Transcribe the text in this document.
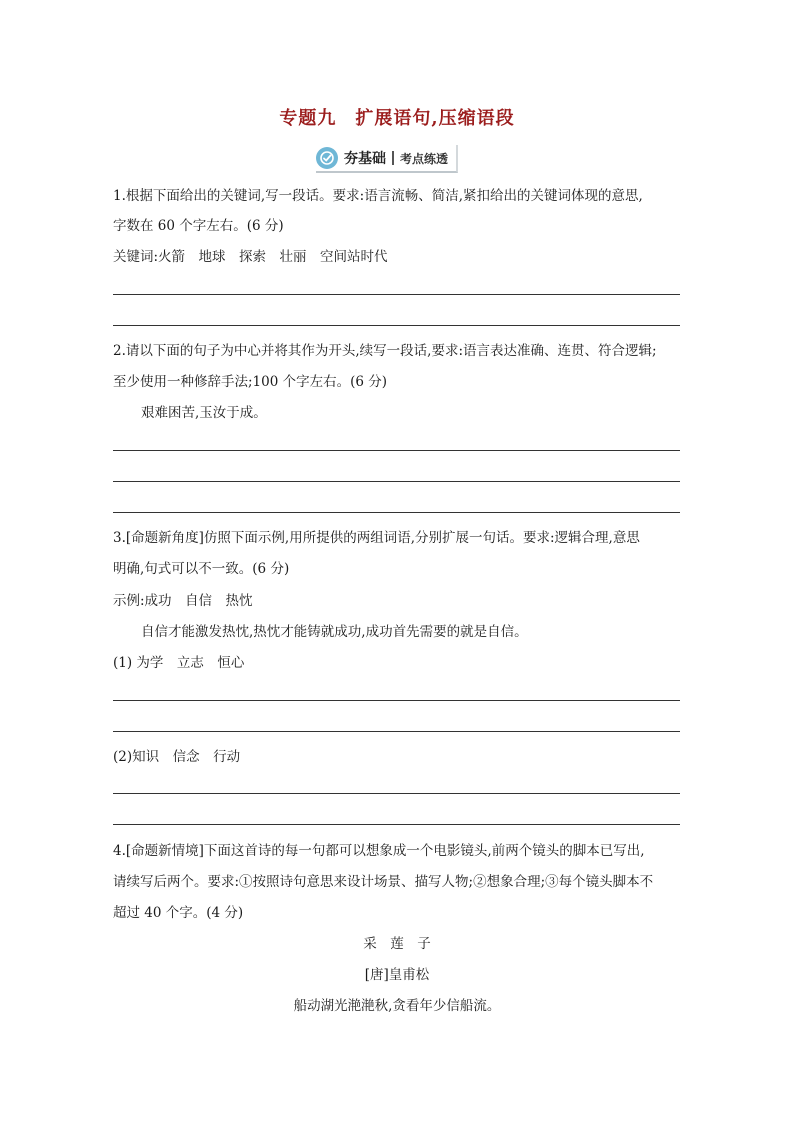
专题九　扩展语句,压缩语段
夯基础 考点练透
1.根据下面给出的关键词,写一段话。要求:语言流畅、简洁,紧扣给出的关键词体现的意思,
字数在 60 个字左右。(6 分)
关键词:火箭　地球　探索　壮丽　空间站时代
2.请以下面的句子为中心并将其作为开头,续写一段话,要求:语言表达准确、连贯、符合逻辑;
至少使用一种修辞手法;100 个字左右。(6 分)
艰难困苦,玉汝于成。
3.[命题新角度]仿照下面示例,用所提供的两组词语,分别扩展一句话。要求:逻辑合理,意思
明确,句式可以不一致。(6 分)
示例:成功　自信　热忱
自信才能激发热忱,热忱才能铸就成功,成功首先需要的就是自信。
(1) 为学　立志　恒心
(2)知识　信念　行动
4.[命题新情境]下面这首诗的每一句都可以想象成一个电影镜头,前两个镜头的脚本已写出,
请续写后两个。要求:①按照诗句意思来设计场景、描写人物;②想象合理;③每个镜头脚本不
超过 40 个字。(4 分)
采　莲　子
[唐]皇甫松
船动湖光滟滟秋,贪看年少信船流。
